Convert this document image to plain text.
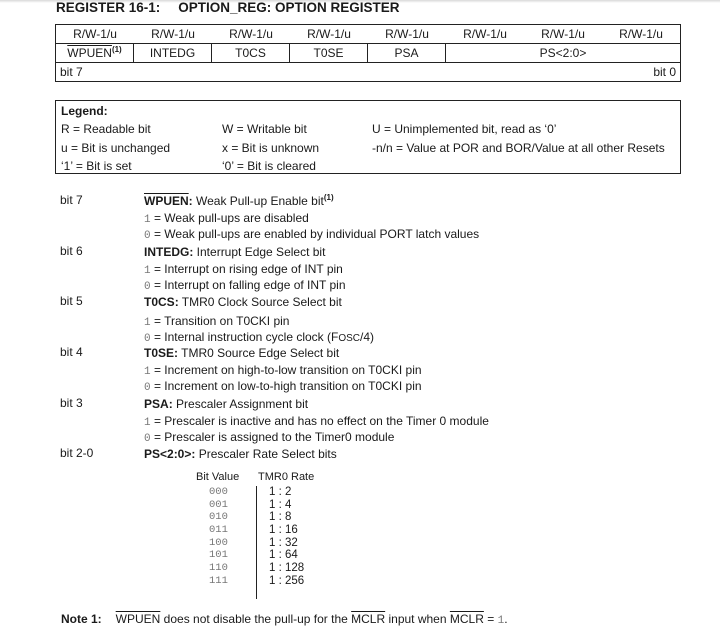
REGISTER 16-1: OPTION_REG: OPTION REGISTER
R/W-1/u	R/W-1/u	R/W-1/u	R/W-1/u	R/W-1/u	R/W-1/u	R/W-1/u	R/W-1/u
WPUEN$^{(1)}$	INTEDG	T0CS	T0SE	PSA	PS<2:0>
bit 7	bit 0
Legend:
R = Readable bit	W = Writable bit	U = Unimplemented bit, read as ‘0’
u = Bit is unchanged	x = Bit is unknown	-n/n = Value at POR and BOR/Value at all other Resets
‘1’ = Bit is set	‘0’ = Bit is cleared
bit 7	WPUEN: Weak Pull-up Enable bit$^{(1)}$
1 = Weak pull-ups are disabled
0 = Weak pull-ups are enabled by individual PORT latch values
bit 6	INTEDG: Interrupt Edge Select bit
1 = Interrupt on rising edge of INT pin
0 = Interrupt on falling edge of INT pin
bit 5	T0CS: TMR0 Clock Source Select bit
1 = Transition on T0CKI pin
0 = Internal instruction cycle clock (FOSC/4)
bit 4	T0SE: TMR0 Source Edge Select bit
1 = Increment on high-to-low transition on T0CKI pin
0 = Increment on low-to-high transition on T0CKI pin
bit 3	PSA: Prescaler Assignment bit
1 = Prescaler is inactive and has no effect on the Timer 0 module
0 = Prescaler is assigned to the Timer0 module
bit 2-0	PS<2:0>: Prescaler Rate Select bits
Bit Value	TMR0 Rate
000	1 : 2
001	1 : 4
010	1 : 8
011	1 : 16
100	1 : 32
101	1 : 64
110	1 : 128
111	1 : 256
Note 1: WPUEN does not disable the pull-up for the MCLR input when MCLR = 1.
